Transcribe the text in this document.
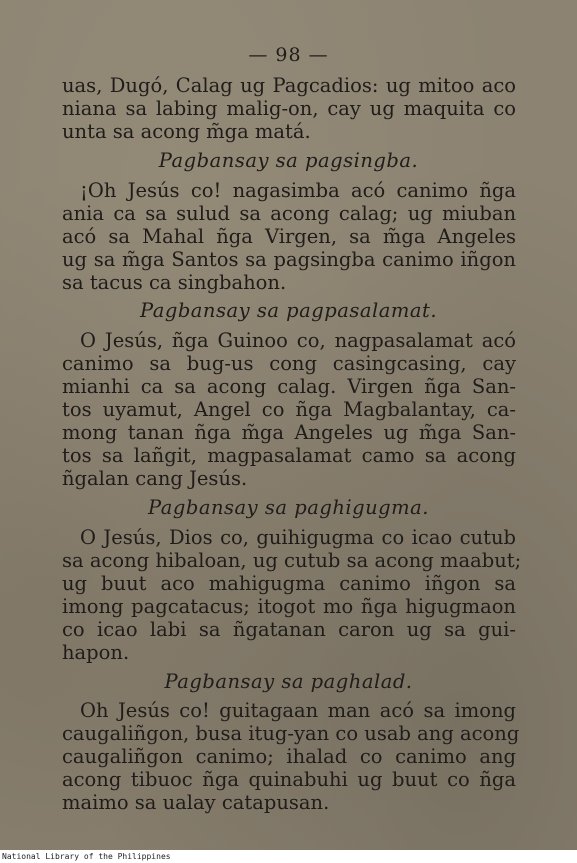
— 98 —
uas, Dugó, Calag ug Pagcadios: ug mitoo aco
niana sa labing malig-on, cay ug maquita co
unta sa acong m̃ga matá.
Pagbansay sa pagsingba.
¡Oh Jesús co! nagasimba acó canimo ñga
ania ca sa sulud sa acong calag; ug miuban
acó sa Mahal ñga Virgen, sa m̃ga Angeles
ug sa m̃ga Santos sa pagsingba canimo iñgon
sa tacus ca singbahon.
Pagbansay sa pagpasalamat.
O Jesús, ñga Guinoo co, nagpasalamat acó
canimo sa bug-us cong casingcasing, cay
mianhi ca sa acong calag. Virgen ñga San-
tos uyamut, Angel co ñga Magbalantay, ca-
mong tanan ñga m̃ga Angeles ug m̃ga San-
tos sa lañgit, magpasalamat camo sa acong
ñgalan cang Jesús.
Pagbansay sa paghigugma.
O Jesús, Dios co, guihigugma co icao cutub
sa acong hibaloan, ug cutub sa acong maabut;
ug buut aco mahigugma canimo iñgon sa
imong pagcatacus; itogot mo ñga higugmaon
co icao labi sa ñgatanan caron ug sa gui-
hapon.
Pagbansay sa paghalad.
Oh Jesús co! guitagaan man acó sa imong
caugaliñgon, busa itug-yan co usab ang acong
caugaliñgon canimo; ihalad co canimo ang
acong tibuoc ñga quinabuhi ug buut co ñga
maimo sa ualay catapusan.
National Library of the Philippines
